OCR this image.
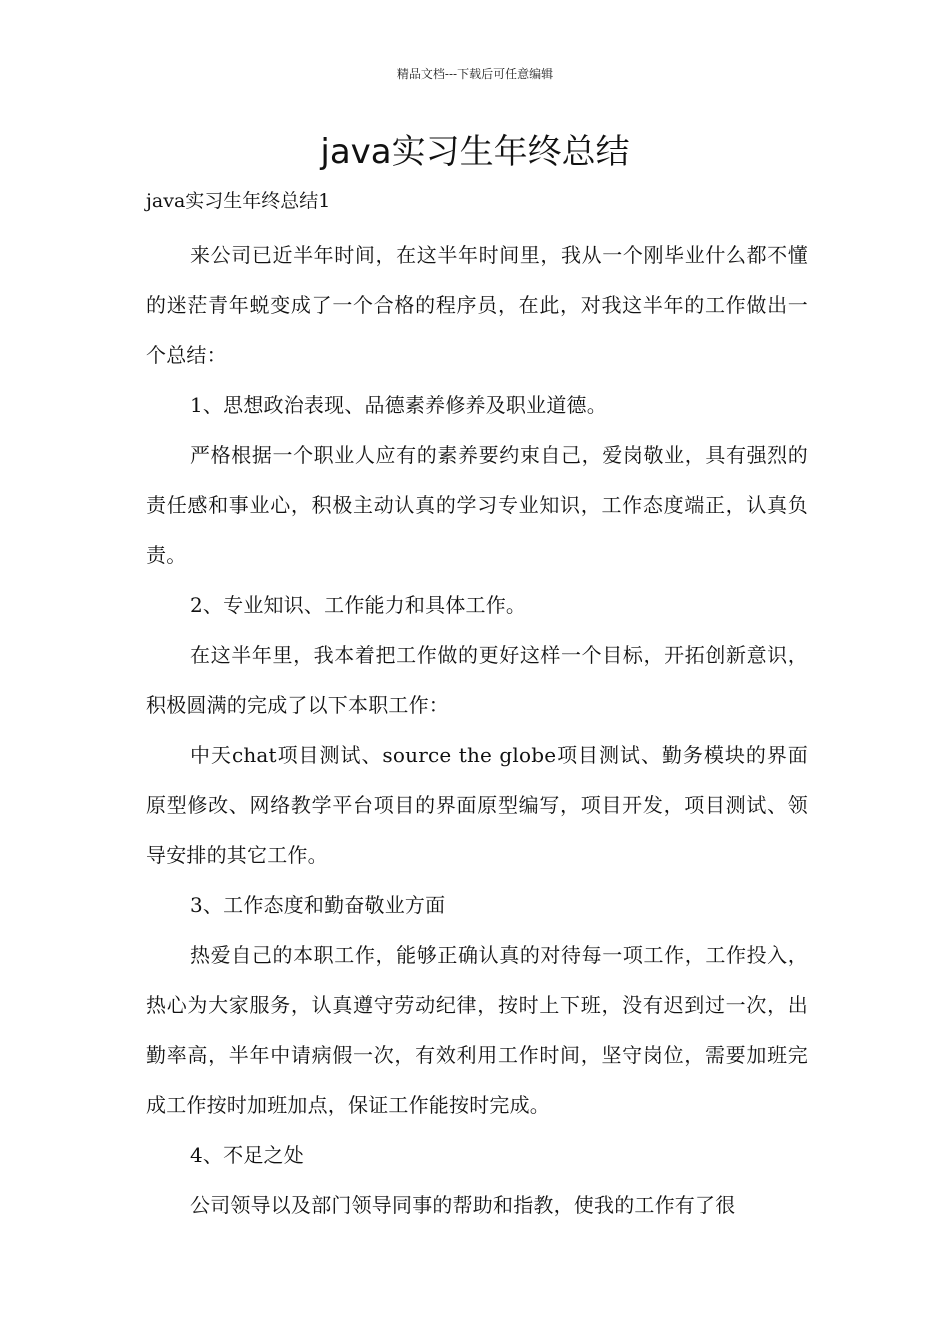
精品文档---下载后可任意编辑
java实习生年终总结

java实习生年终总结1

来公司已近半年时间，在这半年时间里，我从一个刚毕业什么都不懂的迷茫青年蜕变成了一个合格的程序员，在此，对我这半年的工作做出一个总结：

1、思想政治表现、品德素养修养及职业道德。

严格根据一个职业人应有的素养要约束自己，爱岗敬业，具有强烈的责任感和事业心，积极主动认真的学习专业知识，工作态度端正，认真负责。

2、专业知识、工作能力和具体工作。

在这半年里，我本着把工作做的更好这样一个目标，开拓创新意识，积极圆满的完成了以下本职工作：

中天chat项目测试、source the globe项目测试、勤务模块的界面原型修改、网络教学平台项目的界面原型编写，项目开发，项目测试、领导安排的其它工作。

3、工作态度和勤奋敬业方面

热爱自己的本职工作，能够正确认真的对待每一项工作，工作投入，热心为大家服务，认真遵守劳动纪律，按时上下班，没有迟到过一次，出勤率高，半年中请病假一次，有效利用工作时间，坚守岗位，需要加班完成工作按时加班加点，保证工作能按时完成。

4、不足之处

公司领导以及部门领导同事的帮助和指教，使我的工作有了很
